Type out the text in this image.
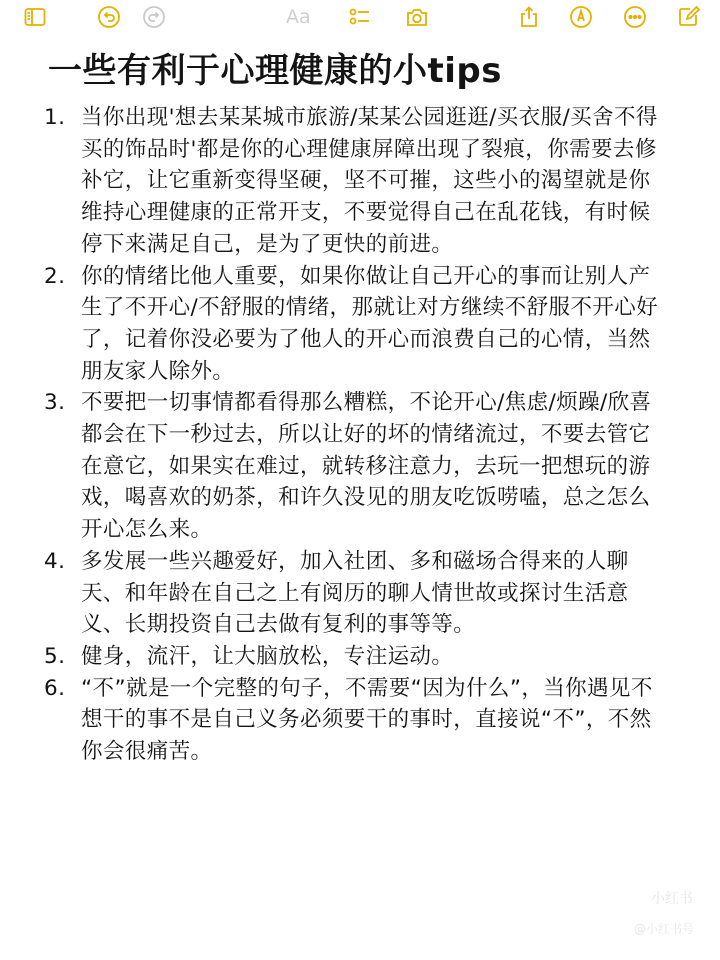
Aa
一些有利于心理健康的小tips
1. 当你出现'想去某某城市旅游/某某公园逛逛/买衣服/买舍不得买的饰品时'都是你的心理健康屏障出现了裂痕，你需要去修补它，让它重新变得坚硬，坚不可摧，这些小的渴望就是你维持心理健康的正常开支，不要觉得自己在乱花钱，有时候停下来满足自己，是为了更快的前进。
2. 你的情绪比他人重要，如果你做让自己开心的事而让别人产生了不开心/不舒服的情绪，那就让对方继续不舒服不开心好了，记着你没必要为了他人的开心而浪费自己的心情，当然朋友家人除外。
3. 不要把一切事情都看得那么糟糕，不论开心/焦虑/烦躁/欣喜都会在下一秒过去，所以让好的坏的情绪流过，不要去管它在意它，如果实在难过，就转移注意力，去玩一把想玩的游戏，喝喜欢的奶茶，和许久没见的朋友吃饭唠嗑，总之怎么开心怎么来。
4. 多发展一些兴趣爱好，加入社团、多和磁场合得来的人聊天、和年龄在自己之上有阅历的聊人情世故或探讨生活意义、长期投资自己去做有复利的事等等。
5. 健身，流汗，让大脑放松，专注运动。
6. “不”就是一个完整的句子，不需要“因为什么”，当你遇见不想干的事不是自己义务必须要干的事时，直接说“不”，不然你会很痛苦。
小红书
@小红书号
